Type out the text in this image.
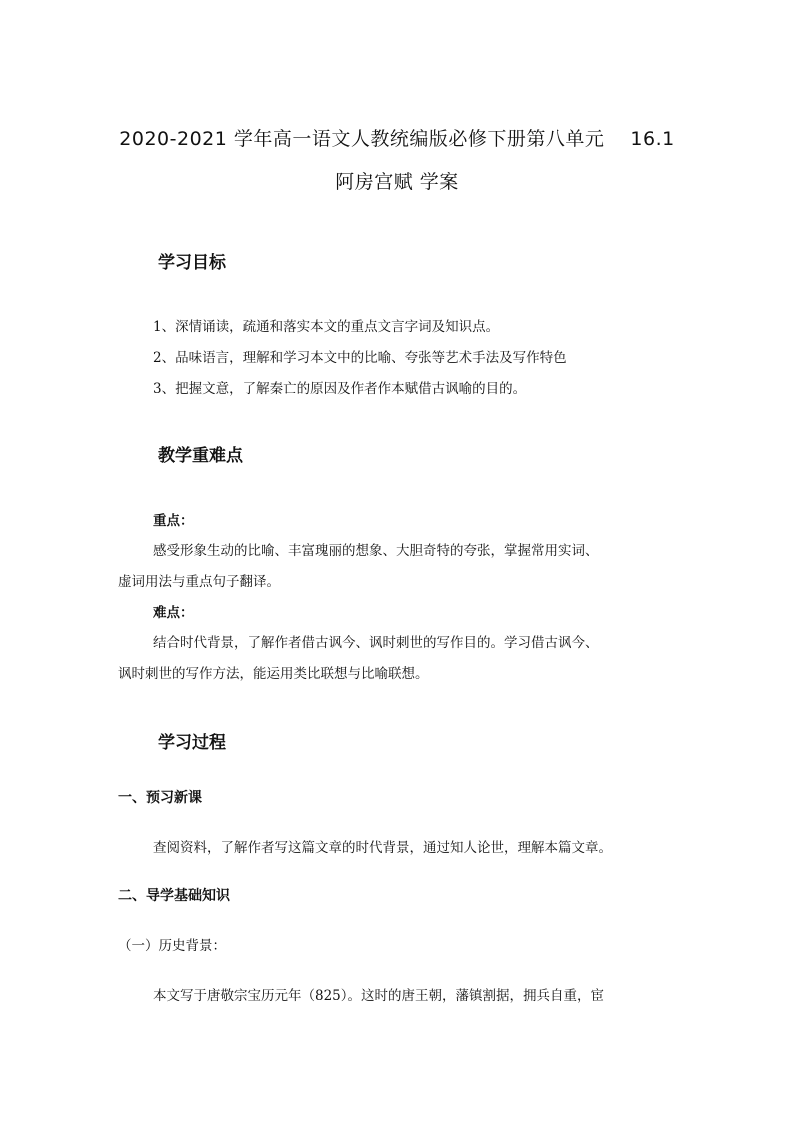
2020-2021 学年高一语文人教统编版必修下册第八单元　 16.1
阿房宫赋 学案
学习目标
1、深情诵读，疏通和落实本文的重点文言字词及知识点。
2、品味语言，理解和学习本文中的比喻、夸张等艺术手法及写作特色
3、把握文意，了解秦亡的原因及作者作本赋借古讽喻的目的。
教学重难点
重点：
感受形象生动的比喻、丰富瑰丽的想象、大胆奇特的夸张，掌握常用实词、
虚词用法与重点句子翻译。
难点：
结合时代背景，了解作者借古讽今、讽时刺世的写作目的。学习借古讽今、
讽时刺世的写作方法，能运用类比联想与比喻联想。
学习过程
一、预习新课
查阅资料，了解作者写这篇文章的时代背景，通过知人论世，理解本篇文章。
二、导学基础知识
（一）历史背景：
本文写于唐敬宗宝历元年（825）。这时的唐王朝，藩镇割据，拥兵自重，宦
